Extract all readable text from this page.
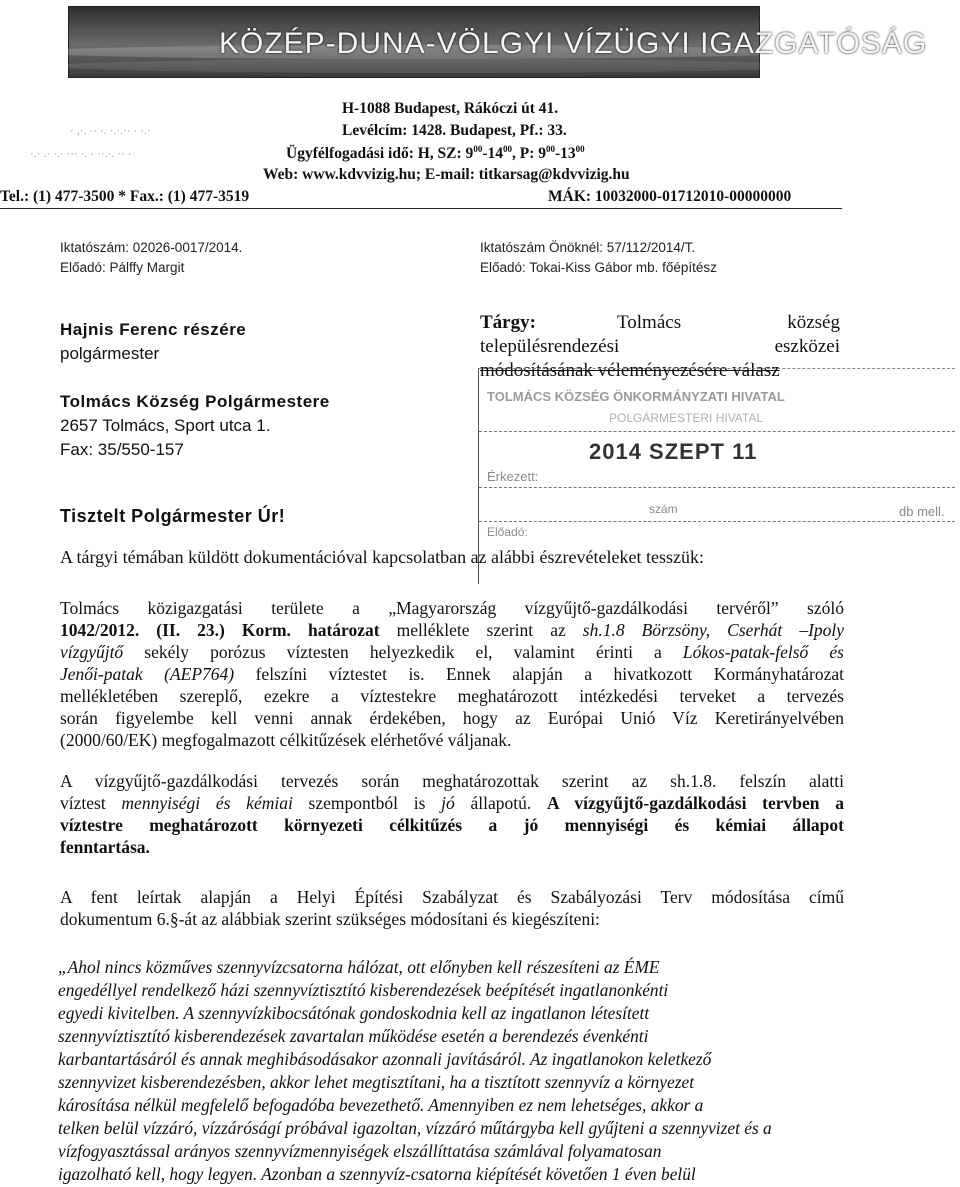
KÖZÉP-DUNA-VÖLGYI VÍZÜGYI IGAZGATÓSÁG
· ,·. ·· ·. ·.·.·· · ·.·
·.· .· ·.· ··· ·. · ··.·. ·· ·
H-1088 Budapest, Rákóczi út 41.
Levélcím: 1428. Budapest, Pf.: 33.
Ügyfélfogadási idő: H, SZ: $9^{00}-14^{00}$, P: $9^{00}-13^{00}$
Web: www.kdvvizig.hu; E-mail: titkarsag@kdvvizig.hu
Tel.: (1) 477-3500 * Fax.: (1) 477-3519	MÁK: 10032000-01712010-00000000
Iktatószám: 02026-0017/2014.
Előadó: Pálffy Margit
Iktatószám Önöknél: 57/112/2014/T.
Előadó: Tokai-Kiss Gábor mb. főépítész
Hajnis Ferenc részére
polgármester
Tolmács Község Polgármestere
2657 Tolmács, Sport utca 1.
Fax: 35/550-157
Tárgy:	Tolmács	község
településrendezési	eszközei
módosításának véleményezésére válasz
TOLMÁCS KÖZSÉG ÖNKORMÁNYZATI HIVATAL
POLGÁRMESTERI HIVATAL
2014 SZEPT 11
Érkezett:
szám	db mell.
Előadó:
Tisztelt Polgármester Úr!
A tárgyi témában küldött dokumentációval kapcsolatban az alábbi észrevételeket tesszük:
Tolmács közigazgatási területe a „Magyarország vízgyűjtő-gazdálkodási tervéről” szóló
1042/2012. (II. 23.) Korm. határozat melléklete szerint az sh.1.8 Börzsöny, Cserhát –Ipoly
vízgyűjtő sekély porózus víztesten helyezkedik el, valamint érinti a Lókos-patak-felső és
Jenői-patak (AEP764) felszíni víztestet is. Ennek alapján a hivatkozott Kormányhatározat
mellékletében szereplő, ezekre a víztestekre meghatározott intézkedési terveket a tervezés
során figyelembe kell venni annak érdekében, hogy az Európai Unió Víz Keretirányelvében
(2000/60/EK) megfogalmazott célkitűzések elérhetővé váljanak.
A vízgyűjtő-gazdálkodási tervezés során meghatározottak szerint az sh.1.8. felszín alatti
víztest mennyiségi és kémiai szempontból is jó állapotú. A vízgyűjtő-gazdálkodási tervben a
víztestre meghatározott környezeti célkitűzés a jó mennyiségi és kémiai állapot
fenntartása.
A fent leírtak alapján a Helyi Építési Szabályzat és Szabályozási Terv módosítása című
dokumentum 6.§-át az alábbiak szerint szükséges módosítani és kiegészíteni:
„Ahol nincs közműves szennyvízcsatorna hálózat, ott előnyben kell részesíteni az ÉME
engedéllyel rendelkező házi szennyvíztisztító kisberendezések beépítését ingatlanonkénti
egyedi kivitelben. A szennyvízkibocsátónak gondoskodnia kell az ingatlanon létesített
szennyvíztisztító kisberendezések zavartalan működése esetén a berendezés évenkénti
karbantartásáról és annak meghibásodásakor azonnali javításáról. Az ingatlanokon keletkező
szennyvizet kisberendezésben, akkor lehet megtisztítani, ha a tisztított szennyvíz a környezet
károsítása nélkül megfelelő befogadóba bevezethető. Amennyiben ez nem lehetséges, akkor a
telken belül vízzáró, vízzáróságí próbával igazoltan, vízzáró műtárgyba kell gyűjteni a szennyvizet és a
vízfogyasztással arányos szennyvízmennyiségek elszállíttatása számlával folyamatosan
igazolható kell, hogy legyen. Azonban a szennyvíz-csatorna kiépítését követően 1 éven belül
